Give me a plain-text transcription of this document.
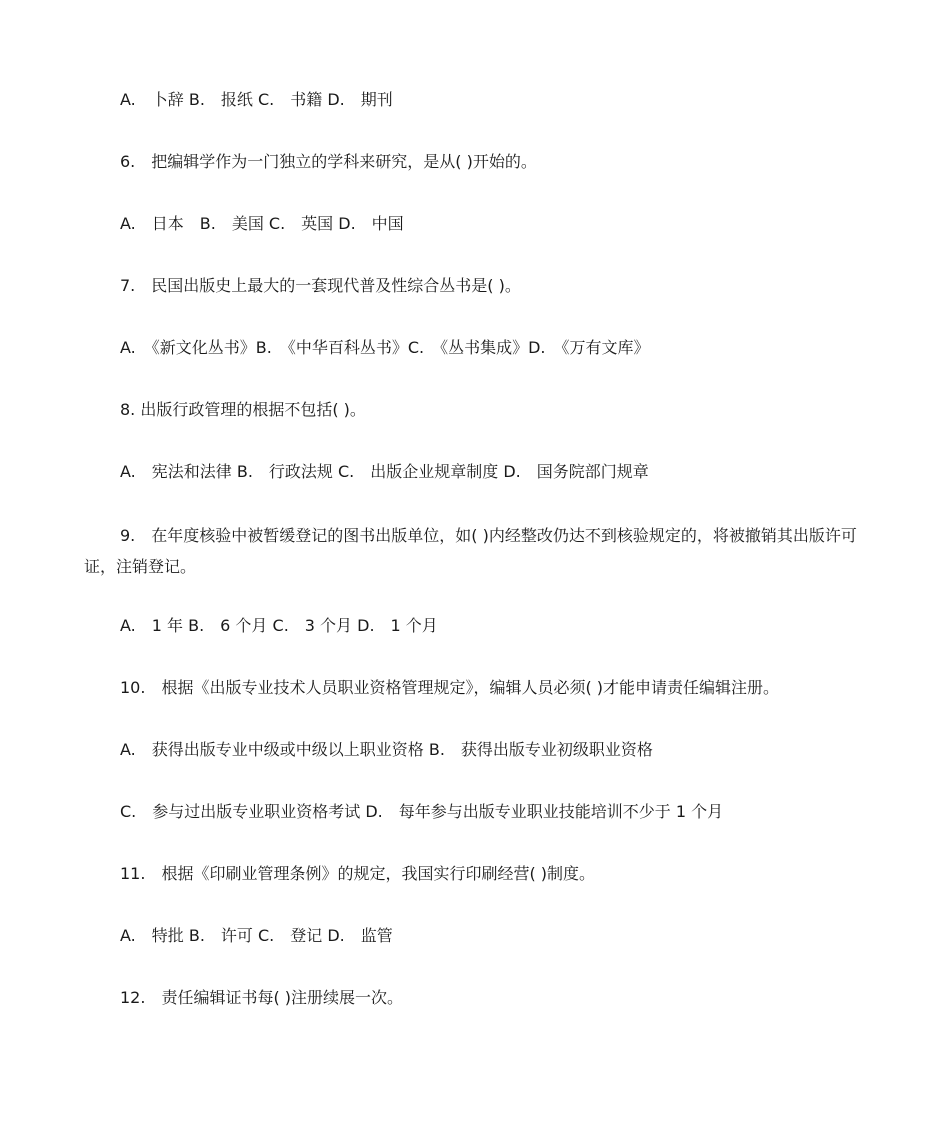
A.　卜辞 B.　报纸 C.　书籍 D.　期刊
6.　把编辑学作为一门独立的学科来研究，是从( )开始的。
A.　日本　B.　美国 C.　英国 D.　中国
7.　民国出版史上最大的一套现代普及性综合丛书是( )。
A.　《新文化丛书》B.　《中华百科丛书》C.　《丛书集成》D.　《万有文库》
8. 出版行政管理的根据不包括( )。
A.　宪法和法律 B.　行政法规 C.　出版企业规章制度 D.　国务院部门规章
9.　在年度核验中被暂缓登记的图书出版单位，如( )内经整改仍达不到核验规定的，将被撤销其出版许可证，注销登记。
A.　1 年 B.　6 个月 C.　3 个月 D.　1 个月
10.　根据《出版专业技术人员职业资格管理规定》，编辑人员必须( )才能申请责任编辑注册。
A.　获得出版专业中级或中级以上职业资格 B.　获得出版专业初级职业资格
C.　参与过出版专业职业资格考试 D.　每年参与出版专业职业技能培训不少于 1 个月
11.　根据《印刷业管理条例》的规定，我国实行印刷经营( )制度。
A.　特批 B.　许可 C.　登记 D.　监管
12.　责任编辑证书每( )注册续展一次。
